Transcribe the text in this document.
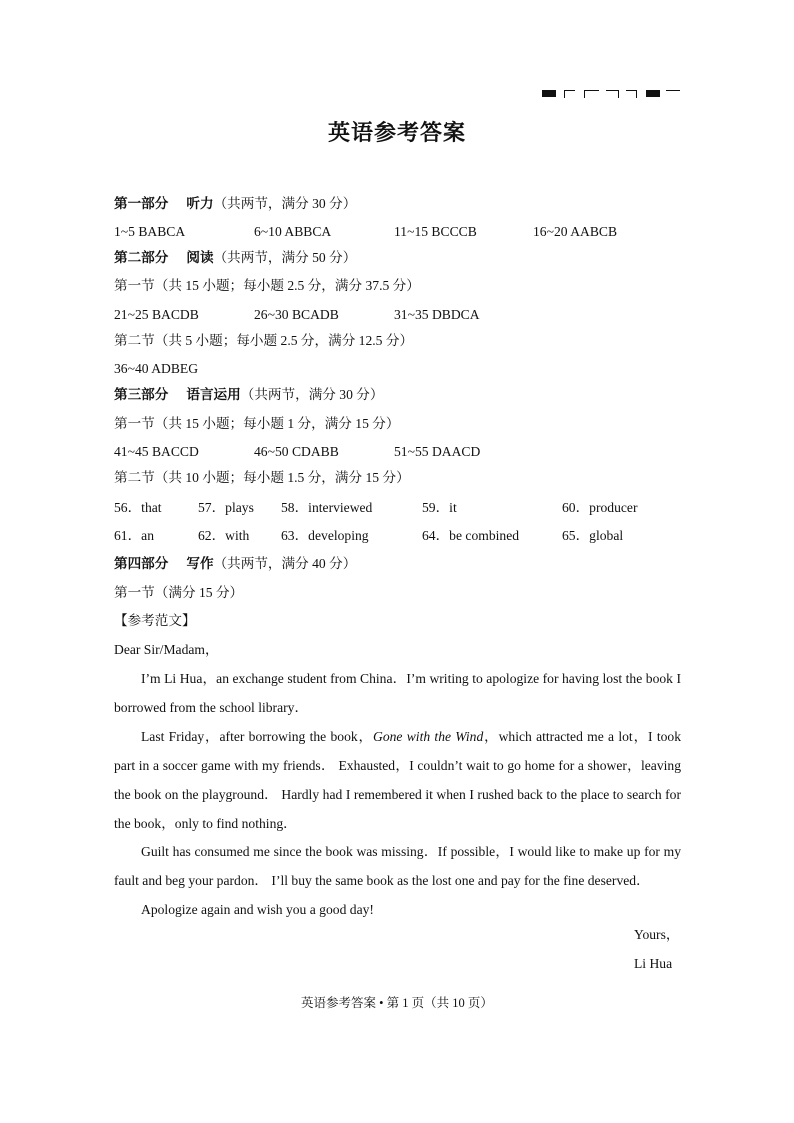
英语参考答案
第一部分 听力（共两节，满分 30 分）
1~5 BABCA	6~10 ABBCA	11~15 BCCCB	16~20 AABCB
第二部分 阅读（共两节，满分 50 分）
第一节（共 15 小题；每小题 2.5 分，满分 37.5 分）
21~25 BACDB	26~30 BCADB	31~35 DBDCA
第二节（共 5 小题；每小题 2.5 分，满分 12.5 分）
36~40 ADBEG
第三部分 语言运用（共两节，满分 30 分）
第一节（共 15 小题；每小题 1 分，满分 15 分）
41~45 BACCD	46~50 CDABB	51~55 DAACD
第二节（共 10 小题；每小题 1.5 分，满分 15 分）
56．that	57．plays 58．interviewed	59．it	60．producer
61．an	62．with 63．developing	64．be combined	65．global
第四部分 写作（共两节，满分 40 分）
第一节（满分 15 分）
【参考范文】
Dear Sir/Madam，
I’m Li Hua，an exchange student from China．I’m writing to apologize for having lost the book I borrowed from the school library．
Last Friday，after borrowing the book，Gone with the Wind，which attracted me a lot，I took part in a soccer game with my friends． Exhausted，I couldn’t wait to go home for a shower，leaving the book on the playground． Hardly had I remembered it when I rushed back to the place to search for the book，only to find nothing．
Guilt has consumed me since the book was missing．If possible，I would like to make up for my fault and beg your pardon． I’ll buy the same book as the lost one and pay for the fine deserved．
Apologize again and wish you a good day!
Yours，
Li Hua
英语参考答案 • 第 1 页（共 10 页）
